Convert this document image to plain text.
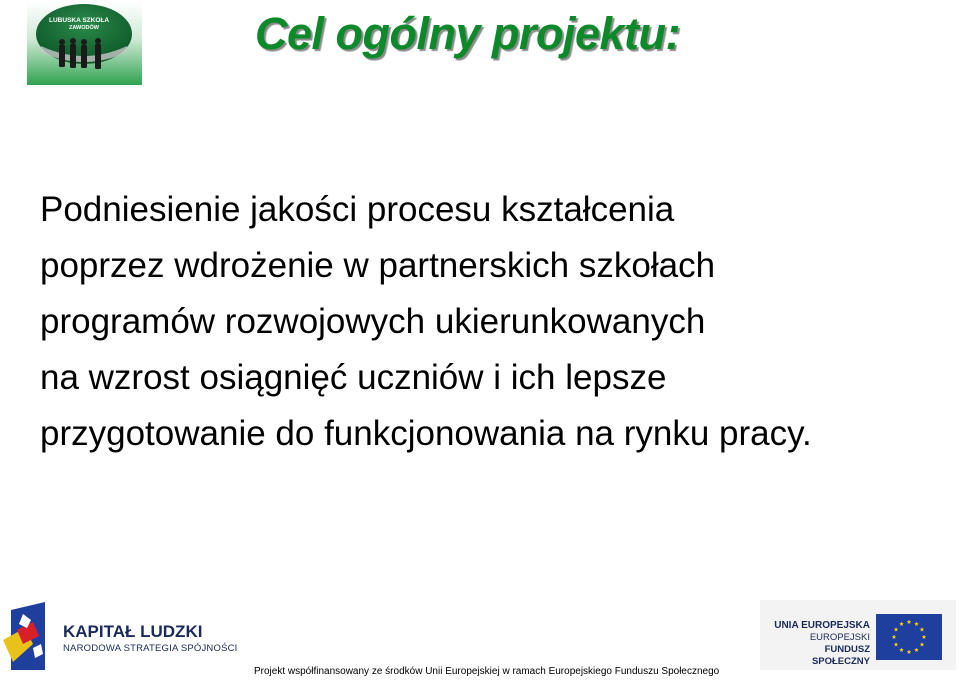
LUBUSKA SZKOŁA
ZAWODÓW	Cel ogólny projektu:
Podniesienie jakości procesu kształcenia
poprzez wdrożenie w partnerskich szkołach
programów rozwojowych ukierunkowanych
na wzrost osiągnięć uczniów i ich lepsze
przygotowanie do funkcjonowania na rynku pracy.
KAPITAŁ LUDZKI
NARODOWA STRATEGIA SPÓJNOŚCI
UNIA EUROPEJSKA
EUROPEJSKI
FUNDUSZ SPOŁECZNY
Projekt współfinansowany ze środków Unii Europejskiej w ramach Europejskiego Funduszu Społecznego
